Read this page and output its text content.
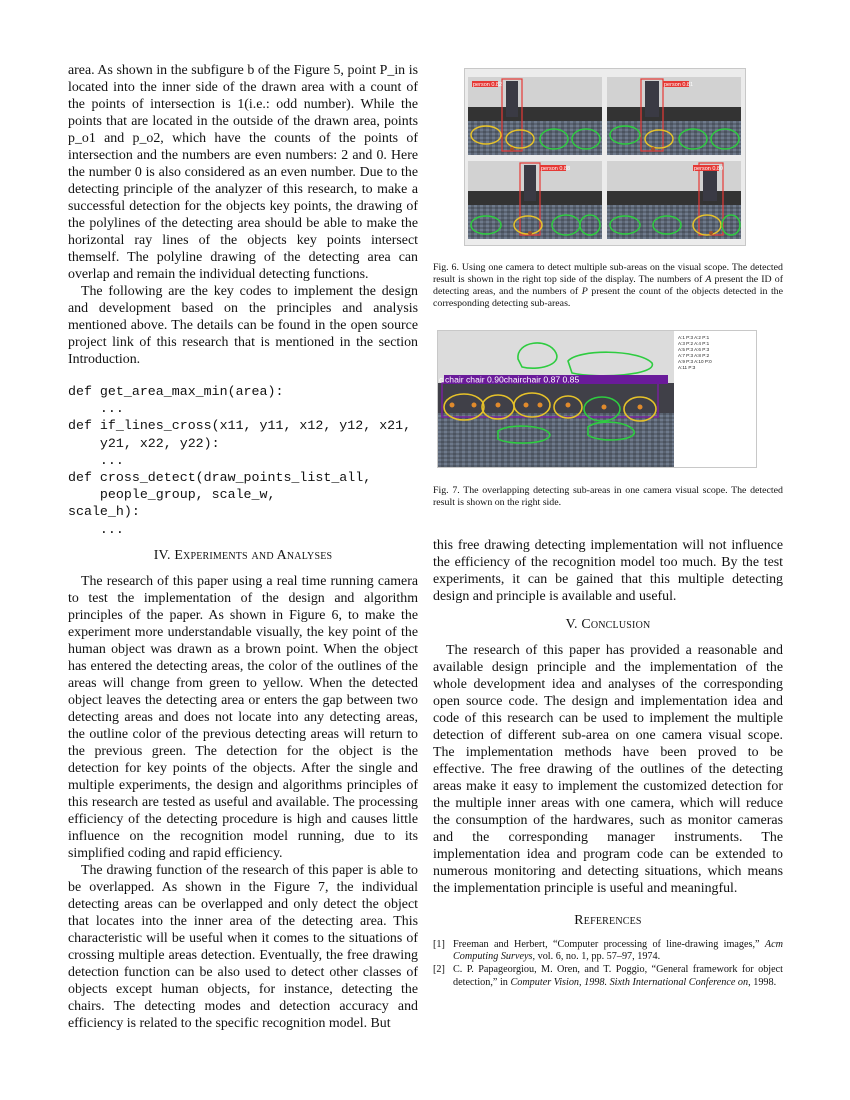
area. As shown in the subfigure b of the Figure 5, point P_in is located into the inner side of the drawn area with a count of the points of intersection is 1(i.e.: odd number). While the points that are located in the outside of the drawn area, points p_o1 and p_o2, which have the counts of the points of intersection and the numbers are even numbers: 2 and 0. Here the number 0 is also considered as an even number. Due to the detecting principle of the analyzer of this research, to make a successful detection for the objects key points, the drawing of the polylines of the detecting area should be able to make the horizontal ray lines of the objects key points intersect themself. The polyline drawing of the detecting area can overlap and remain the individual detecting functions.

The following are the key codes to implement the design and development based on the principles and analysis mentioned above. The details can be found in the open source project link of this research that is mentioned in the section Introduction.

def get_area_max_min(area):
...
def if_lines_cross(x11, y11, x12, y12, x21,
y21, x22, y22):
...
def cross_detect(draw_points_list_all,
people_group, scale_w,
scale_h):
...
IV. Experiments and Analyses

The research of this paper using a real time running camera to test the implementation of the design and algorithm principles of the paper. As shown in Figure 6, to make the experiment more understandable visually, the key point of the human object was drawn as a brown point. When the object has entered the detecting areas, the color of the outlines of the areas will change from green to yellow. When the detected object leaves the detecting area or enters the gap between two detecting areas and does not locate into any detecting areas, the outline color of the previous detecting areas will return to the previous green. The detection for the object is the detection for key points of the objects. After the single and multiple experiments, the design and algorithms principles of this research are tested as useful and available. The processing efficiency of the detecting procedure is high and causes little influence on the recognition model running, due to its simplified coding and rapid efficiency.

The drawing function of the research of this paper is able to be overlapped. As shown in the Figure 7, the individual detecting areas can be overlapped and only detect the object that locates into the inner area of the detecting area. This characteristic will be useful when it comes to the situations of crossing multiple areas detection. Eventually, the free drawing detection function can be also used to detect other classes of objects except human objects, for instance, detecting the chairs. The detecting modes and detection accuracy and efficiency is related to the specific recognition model. But

person 0.82	person 0.81
person 0.88	person 0.80

Fig. 6. Using one camera to detect multiple sub-areas on the visual scope. The detected result is shown in the right top side of the display. The numbers of A present the ID of detecting areas, and the numbers of P present the count of the objects detected in the corresponding detecting sub-areas.

c chair chair 0.90chairchair 0.87 0.85
A:1 P:3 A:2 P:1
A:3 P:2 A:4 P:1
A:5 P:3 A:6 P:3
A:7 P:3 A:8 P:2
A:9 P:3 A:10 P:0
A:11 P:3

Fig. 7. The overlapping detecting sub-areas in one camera visual scope. The detected result is shown on the right side.

this free drawing detecting implementation will not influence the efficiency of the recognition model too much. By the test experiments, it can be gained that this multiple detecting design and principle is available and useful.

V. Conclusion

The research of this paper has provided a reasonable and available design principle and the implementation of the whole development idea and analyses of the corresponding open source code. The design and implementation idea and code of this research can be used to implement the multiple detection of different sub-area on one camera visual scope. The implementation methods have been proved to be effective. The free drawing of the outlines of the detecting areas make it easy to implement the customized detection for the multiple inner areas with one camera, which will reduce the consumption of the hardwares, such as monitor cameras and the corresponding manager instruments. The implementation idea and program code can be extended to numerous monitoring and detecting situations, which means the implementation principle is useful and meaningful.

References
[1] Freeman and Herbert, “Computer processing of line-drawing images,” Acm Computing Surveys, vol. 6, no. 1, pp. 57–97, 1974.
[2] C. P. Papageorgiou, M. Oren, and T. Poggio, “General framework for object detection,” in Computer Vision, 1998. Sixth International Conference on, 1998.
